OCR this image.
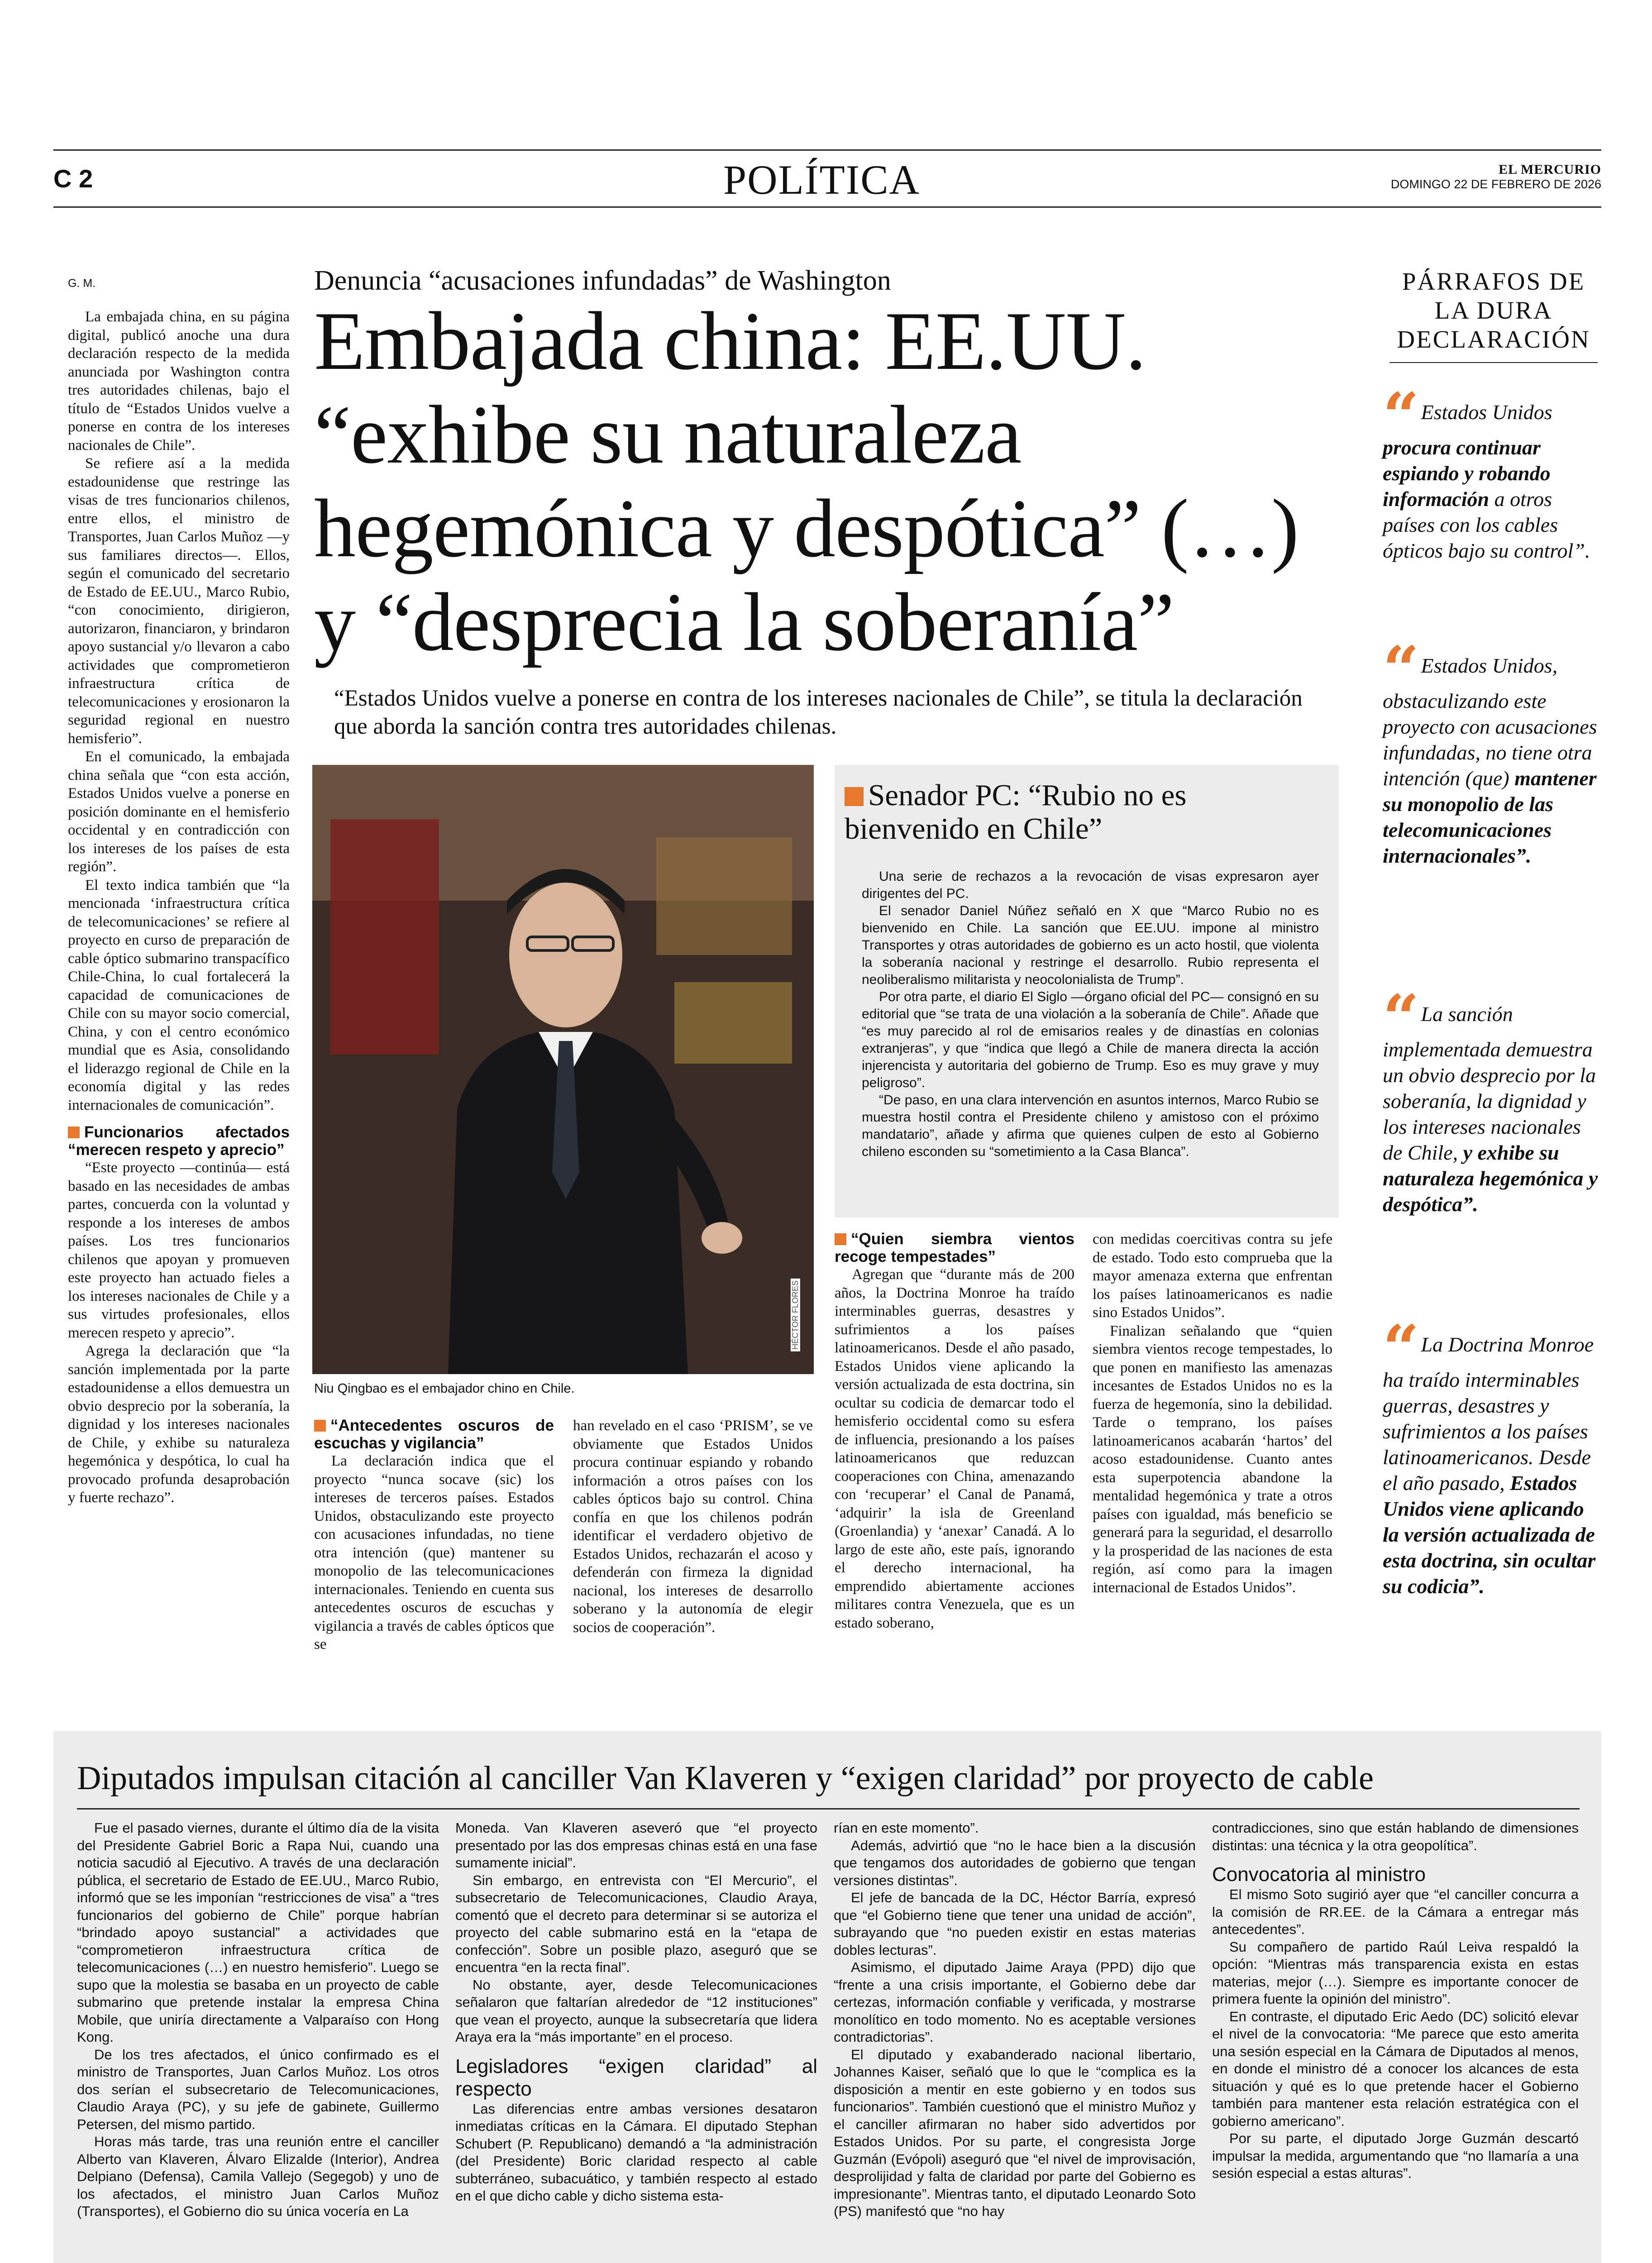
C 2	POLÍTICA	EL MERCURIO
DOMINGO 22 DE FEBRERO DE 2026
G. M.	Denuncia “acusaciones infundadas” de Washington
Embajada china: EE.UU. “exhibe su naturaleza hegemónica y despótica” (…) y “desprecia la soberanía”
“Estados Unidos vuelve a ponerse en contra de los intereses nacionales de Chile”, se titula la declaración que aborda la sanción contra tres autoridades chilenas.

La embajada china, en su página digital, publicó anoche una dura declaración respecto de la medida anunciada por Washington contra tres autoridades chilenas, bajo el título de “Estados Unidos vuelve a ponerse en contra de los intereses nacionales de Chile”.

Se refiere así a la medida estadounidense que restringe las visas de tres funcionarios chilenos, entre ellos, el ministro de Transportes, Juan Carlos Muñoz —y sus familiares directos—. Ellos, según el comunicado del secretario de Estado de EE.UU., Marco Rubio, “con conocimiento, dirigieron, autorizaron, financiaron, y brindaron apoyo sustancial y/o llevaron a cabo actividades que comprometieron infraestructura crítica de telecomunicaciones y erosionaron la seguridad regional en nuestro hemisferio”.

En el comunicado, la embajada china señala que “con esta acción, Estados Unidos vuelve a ponerse en posición dominante en el hemisferio occidental y en contradicción con los intereses de los países de esta región”.

El texto indica también que “la mencionada ‘infraestructura crítica de telecomunicaciones’ se refiere al proyecto en curso de preparación de cable óptico submarino transpacífico Chile-China, lo cual fortalecerá la capacidad de comunicaciones de Chile con su mayor socio comercial, China, y con el centro económico mundial que es Asia, consolidando el liderazgo regional de Chile en la economía digital y las redes internacionales de comunicación”.

Funcionarios afectados “merecen respeto y aprecio”

“Este proyecto —continúa— está basado en las necesidades de ambas partes, concuerda con la voluntad y responde a los intereses de ambos países. Los tres funcionarios chilenos que apoyan y promueven este proyecto han actuado fieles a los intereses nacionales de Chile y a sus virtudes profesionales, ellos merecen respeto y aprecio”.

Agrega la declaración que “la sanción implementada por la parte estadounidense a ellos demuestra un obvio desprecio por la soberanía, la dignidad y los intereses nacionales de Chile, y exhibe su naturaleza hegemónica y despótica, lo cual ha provocado profunda desaprobación y fuerte rechazo”.

HÉCTOR FLORES
Niu Qingbao es el embajador chino en Chile.
Senador PC: “Rubio no es bienvenido en Chile”

Una serie de rechazos a la revocación de visas expresaron ayer dirigentes del PC.

El senador Daniel Núñez señaló en X que “Marco Rubio no es bienvenido en Chile. La sanción que EE.UU. impone al ministro Transportes y otras autoridades de gobierno es un acto hostil, que violenta la soberanía nacional y restringe el desarrollo. Rubio representa el neoliberalismo militarista y neocolonialista de Trump”.

Por otra parte, el diario El Siglo —órgano oficial del PC— consignó en su editorial que “se trata de una violación a la soberanía de Chile”. Añade que “es muy parecido al rol de emisarios reales y de dinastías en colonias extranjeras”, y que “indica que llegó a Chile de manera directa la acción injerencista y autoritaria del gobierno de Trump. Eso es muy grave y muy peligroso”.

“De paso, en una clara intervención en asuntos internos, Marco Rubio se muestra hostil contra el Presidente chileno y amistoso con el próximo mandatario”, añade y afirma que quienes culpen de esto al Gobierno chileno esconden su “sometimiento a la Casa Blanca”.

“Antecedentes oscuros de escuchas y vigilancia”

La declaración indica que el proyecto “nunca socave (sic) los intereses de terceros países. Estados Unidos, obstaculizando este proyecto con acusaciones infundadas, no tiene otra intención (que) mantener su monopolio de las telecomunicaciones internacionales. Teniendo en cuenta sus antecedentes oscuros de escuchas y vigilancia a través de cables ópticos que se

han revelado en el caso ‘PRISM’, se ve obviamente que Estados Unidos procura continuar espiando y robando información a otros países con los cables ópticos bajo su control. China confía en que los chilenos podrán identificar el verdadero objetivo de Estados Unidos, rechazarán el acoso y defenderán con firmeza la dignidad nacional, los intereses de desarrollo soberano y la autonomía de elegir socios de cooperación”.

“Quien siembra vientos recoge tempestades”

Agregan que “durante más de 200 años, la Doctrina Monroe ha traído interminables guerras, desastres y sufrimientos a los países latinoamericanos. Desde el año pasado, Estados Unidos viene aplicando la versión actualizada de esta doctrina, sin ocultar su codicia de demarcar todo el hemisferio occidental como su esfera de influencia, presionando a los países latinoamericanos que reduzcan cooperaciones con China, amenazando con ‘recuperar’ el Canal de Panamá, ‘adquirir’ la isla de Greenland (Groenlandia) y ‘anexar’ Canadá. A lo largo de este año, este país, ignorando el derecho internacional, ha emprendido abiertamente acciones militares contra Venezuela, que es un estado soberano,

con medidas coercitivas contra su jefe de estado. Todo esto comprueba que la mayor amenaza externa que enfrentan los países latinoamericanos es nadie sino Estados Unidos”.

Finalizan señalando que “quien siembra vientos recoge tempestades, lo que ponen en manifiesto las amenazas incesantes de Estados Unidos no es la fuerza de hegemonía, sino la debilidad. Tarde o temprano, los países latinoamericanos acabarán ‘hartos’ del acoso estadounidense. Cuanto antes esta superpotencia abandone la mentalidad hegemónica y trate a otros países con igualdad, más beneficio se generará para la seguridad, el desarrollo y la prosperidad de las naciones de esta región, así como para la imagen internacional de Estados Unidos”.

PÁRRAFOS DE LA DURA DECLARACIÓN
“ Estados Unidos procura continuar espiando y robando información a otros países con los cables ópticos bajo su control”.
“ Estados Unidos, obstaculizando este proyecto con acusaciones infundadas, no tiene otra intención (que) mantener su monopolio de las telecomunicaciones internacionales”.
“ La sanción implementada demuestra un obvio desprecio por la soberanía, la dignidad y los intereses nacionales de Chile, y exhibe su naturaleza hegemónica y despótica”.
“ La Doctrina Monroe ha traído interminables guerras, desastres y sufrimientos a los países latinoamericanos. Desde el año pasado, Estados Unidos viene aplicando la versión actualizada de esta doctrina, sin ocultar su codicia”.
Diputados impulsan citación al canciller Van Klaveren y “exigen claridad” por proyecto de cable

Fue el pasado viernes, durante el último día de la visita del Presidente Gabriel Boric a Rapa Nui, cuando una noticia sacudió al Ejecutivo. A través de una declaración pública, el secretario de Estado de EE.UU., Marco Rubio, informó que se les imponían “restricciones de visa” a “tres funcionarios del gobierno de Chile” porque habrían “brindado apoyo sustancial” a actividades que “comprometieron infraestructura crítica de telecomunicaciones (…) en nuestro hemisferio”. Luego se supo que la molestia se basaba en un proyecto de cable submarino que pretende instalar la empresa China Mobile, que uniría directamente a Valparaíso con Hong Kong.

De los tres afectados, el único confirmado es el ministro de Transportes, Juan Carlos Muñoz. Los otros dos serían el subsecretario de Telecomunicaciones, Claudio Araya (PC), y su jefe de gabinete, Guillermo Petersen, del mismo partido.

Horas más tarde, tras una reunión entre el canciller Alberto van Klaveren, Álvaro Elizalde (Interior), Andrea Delpiano (Defensa), Camila Vallejo (Segegob) y uno de los afectados, el ministro Juan Carlos Muñoz (Transportes), el Gobierno dio su única vocería en La

Moneda. Van Klaveren aseveró que “el proyecto presentado por las dos empresas chinas está en una fase sumamente inicial”.

Sin embargo, en entrevista con “El Mercurio”, el subsecretario de Telecomunicaciones, Claudio Araya, comentó que el decreto para determinar si se autoriza el proyecto del cable submarino está en la “etapa de confección”. Sobre un posible plazo, aseguró que se encuentra “en la recta final”.

No obstante, ayer, desde Telecomunicaciones señalaron que faltarían alrededor de “12 instituciones” que vean el proyecto, aunque la subsecretaría que lidera Araya era la “más importante” en el proceso.

Legisladores “exigen claridad” al respecto

Las diferencias entre ambas versiones desataron inmediatas críticas en la Cámara. El diputado Stephan Schubert (P. Republicano) demandó a “la administración (del Presidente) Boric claridad respecto al cable subterráneo, subacuático, y también respecto al estado en el que dicho cable y dicho sistema esta-

rían en este momento”.

Además, advirtió que “no le hace bien a la discusión que tengamos dos autoridades de gobierno que tengan versiones distintas”.

El jefe de bancada de la DC, Héctor Barría, expresó que “el Gobierno tiene que tener una unidad de acción”, subrayando que “no pueden existir en estas materias dobles lecturas”.

Asimismo, el diputado Jaime Araya (PPD) dijo que “frente a una crisis importante, el Gobierno debe dar certezas, información confiable y verificada, y mostrarse monolítico en todo momento. No es aceptable versiones contradictorias”.

El diputado y exabanderado nacional libertario, Johannes Kaiser, señaló que lo que le “complica es la disposición a mentir en este gobierno y en todos sus funcionarios”. También cuestionó que el ministro Muñoz y el canciller afirmaran no haber sido advertidos por Estados Unidos. Por su parte, el congresista Jorge Guzmán (Evópoli) aseguró que “el nivel de improvisación, desprolijidad y falta de claridad por parte del Gobierno es impresionante”. Mientras tanto, el diputado Leonardo Soto (PS) manifestó que “no hay

contradicciones, sino que están hablando de dimensiones distintas: una técnica y la otra geopolítica”.

Convocatoria al ministro

El mismo Soto sugirió ayer que “el canciller concurra a la comisión de RR.EE. de la Cámara a entregar más antecedentes”.

Su compañero de partido Raúl Leiva respaldó la opción: “Mientras más transparencia exista en estas materias, mejor (…). Siempre es importante conocer de primera fuente la opinión del ministro”.

En contraste, el diputado Eric Aedo (DC) solicitó elevar el nivel de la convocatoria: “Me parece que esto amerita una sesión especial en la Cámara de Diputados al menos, en donde el ministro dé a conocer los alcances de esta situación y qué es lo que pretende hacer el Gobierno también para mantener esta relación estratégica con el gobierno americano”.

Por su parte, el diputado Jorge Guzmán descartó impulsar la medida, argumentando que “no llamaría a una sesión especial a estas alturas”.
